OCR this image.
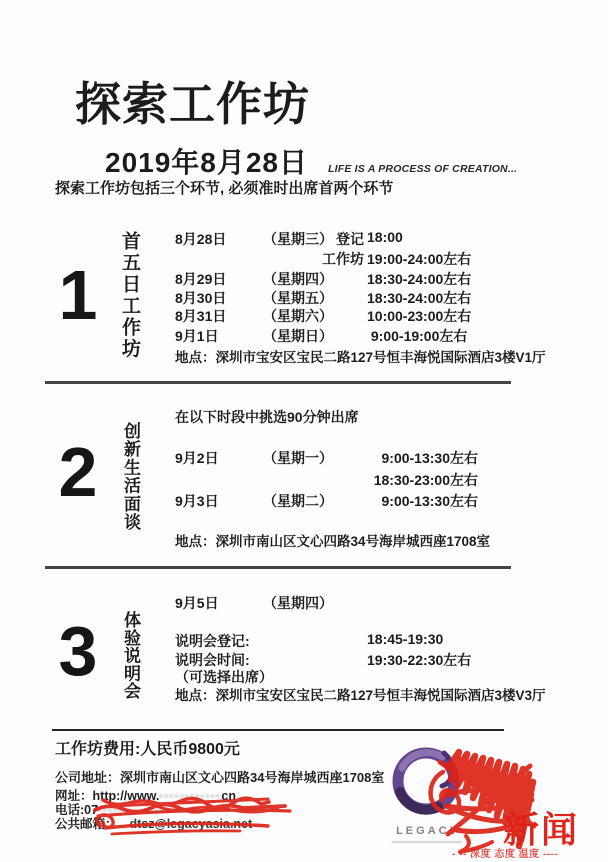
探索工作坊
2019年8月28日 LIFE IS A PROCESS OF CREATION...
探索工作坊包括三个环节, 必须准时出席首两个环节
1	首五日工作坊	8月28日	（星期三） 登记 18:00
工作坊 19:00-24:00左右
8月29日	（星期四） 18:30-24:00左右
8月30日	（星期五） 18:30-24:00左右
8月31日	（星期六） 10:00-23:00左右
9月1日	（星期日） 9:00-19:00左右
地点：深圳市宝安区宝民二路127号恒丰海悦国际酒店3楼V1厅
2	创新生活面谈
在以下时段中挑选90分钟出席
9月2日	（星期一）	9:00-13:30左右
18:30-23:00左右
9月3日	（星期二）	9:00-13:30左右
地点：深圳市南山区文心四路34号海岸城西座1708室
3	体验说明会
9月5日	（星期四）
说明会登记:	18:45-19:30
说明会时间:	19:30-22:30左右
（可选择出席）
地点：深圳市宝安区宝民二路127号恒丰海悦国际酒店3楼V3厅
工作坊费用:人民币9800元
公司地址：深圳市南山区文心四路34号海岸城西座1708室
网址：http://www.············cn
电话:07·············· ···········
公共邮箱： dtsz@legacyasia.net	LEGACY 新闻
- -- 深度 态度 温度 ----
